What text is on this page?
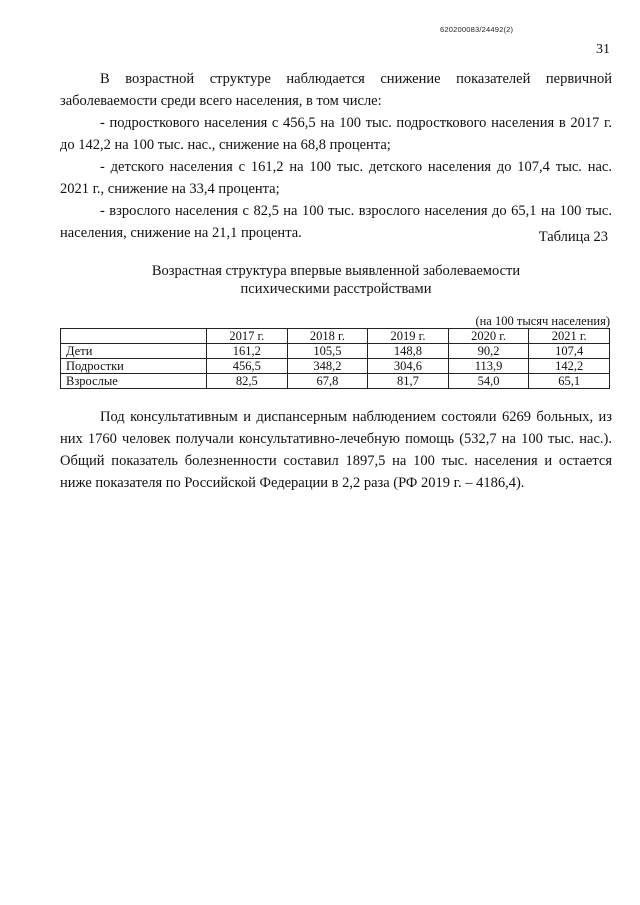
620200083/24492(2)
31

В возрастной структуре наблюдается снижение показателей первичной заболеваемости среди всего населения, в том числе:

- подросткового населения с 456,5 на 100 тыс. подросткового населения в 2017 г. до 142,2 на 100 тыс. нас., снижение на 68,8 процента;

- детского населения с 161,2 на 100 тыс. детского населения до 107,4 тыс. нас. 2021 г., снижение на 33,4 процента;

- взрослого населения с 82,5 на 100 тыс. взрослого населения до 65,1 на 100 тыс. населения, снижение на 21,1 процента.	Таблица 23
Возрастная структура впервые выявленной заболеваемости
психическими расстройствами
(на 100 тысяч населения)
	2017 г.	2018 г.	2019 г.	2020 г.	2021 г.
Дети	161,2	105,5	148,8	90,2	107,4
Подростки	456,5	348,2	304,6	113,9	142,2
Взрослые	82,5	67,8	81,7	54,0	65,1

Под консультативным и диспансерным наблюдением состояли 6269 больных, из них 1760 человек получали консультативно-лечебную помощь (532,7 на 100 тыс. нас.). Общий показатель болезненности составил 1897,5 на 100 тыс. населения и остается ниже показателя по Российской Федерации в 2,2 раза (РФ 2019 г. – 4186,4).
